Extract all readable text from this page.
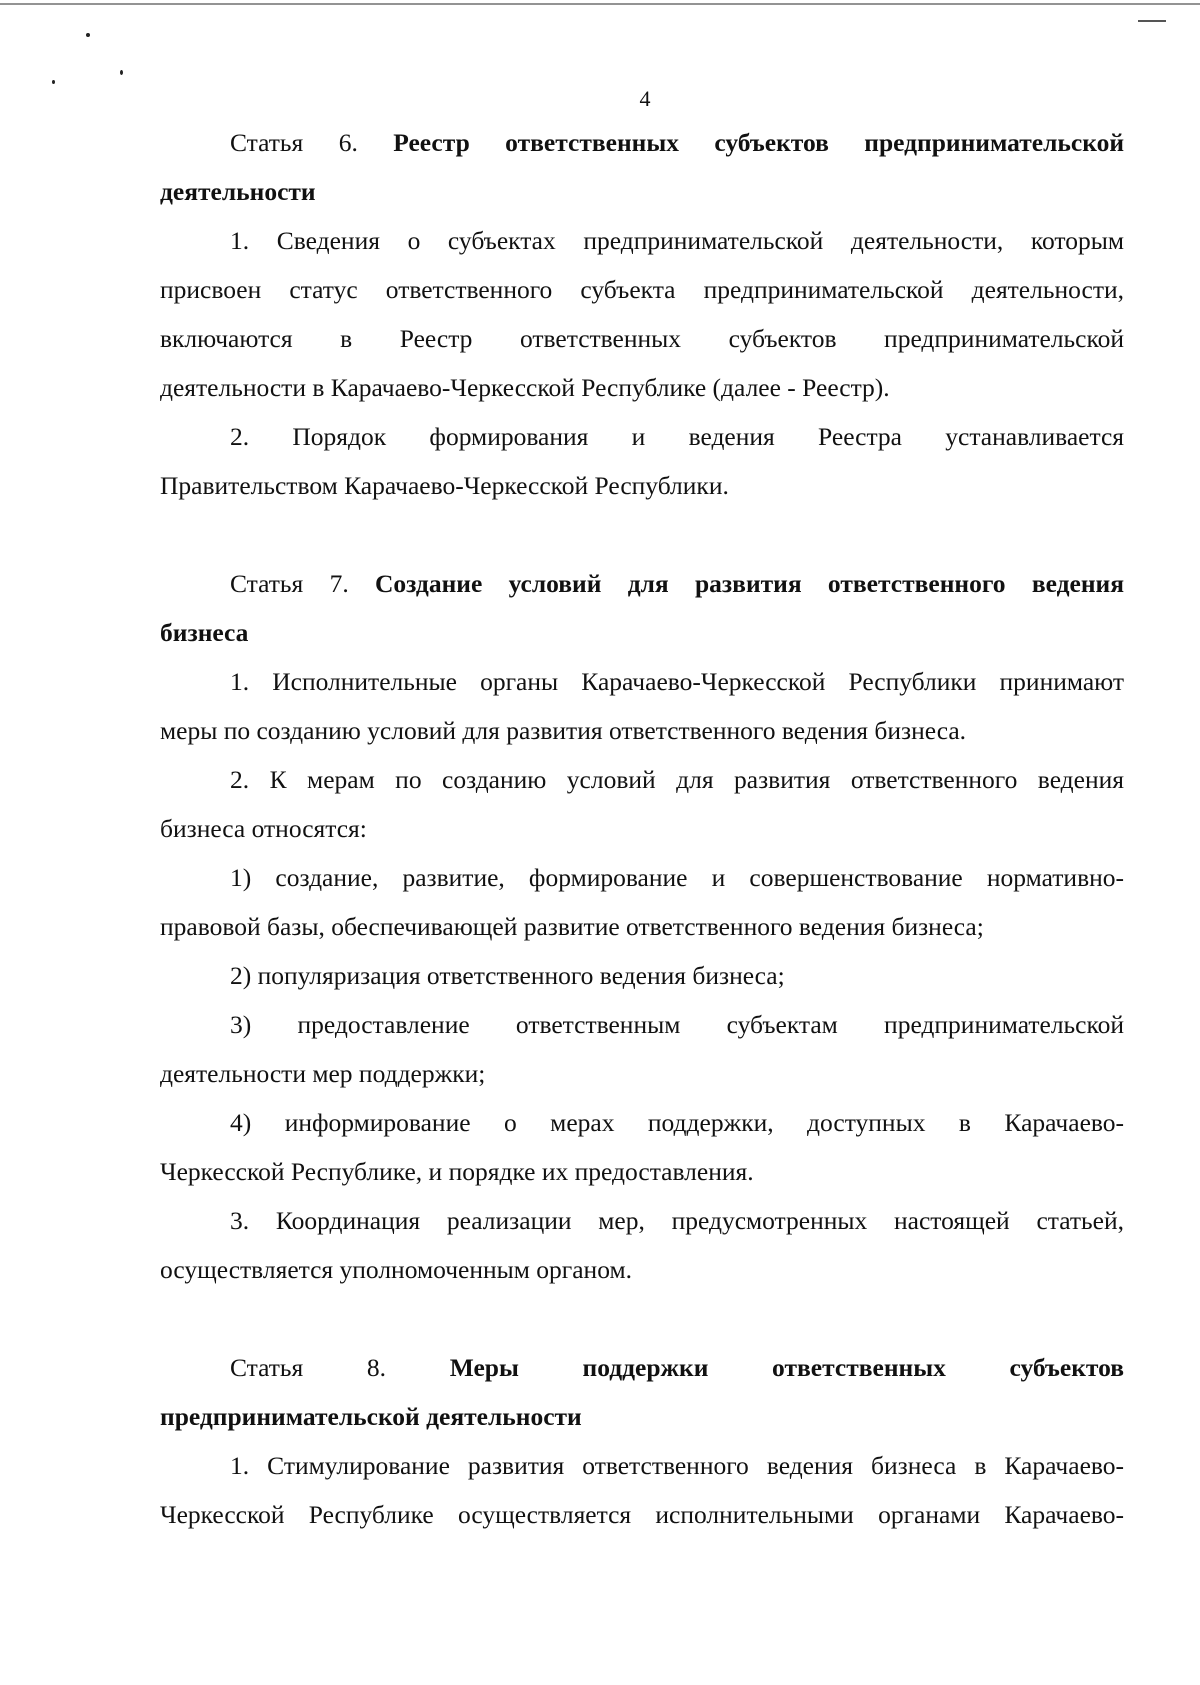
4
Статья 6. Реестр ответственных субъектов предпринимательской
деятельности
1. Сведения о субъектах предпринимательской деятельности, которым
присвоен статус ответственного субъекта предпринимательской деятельности,
включаются в Реестр ответственных субъектов предпринимательской
деятельности в Карачаево-Черкесской Республике (далее - Реестр).
2. Порядок формирования и ведения Реестра устанавливается
Правительством Карачаево-Черкесской Республики.
Статья 7. Создание условий для развития ответственного ведения
бизнеса
1. Исполнительные органы Карачаево-Черкесской Республики принимают
меры по созданию условий для развития ответственного ведения бизнеса.
2. К мерам по созданию условий для развития ответственного ведения
бизнеса относятся:
1) создание, развитие, формирование и совершенствование нормативно-
правовой базы, обеспечивающей развитие ответственного ведения бизнеса;
2) популяризация ответственного ведения бизнеса;
3) предоставление ответственным субъектам предпринимательской
деятельности мер поддержки;
4) информирование о мерах поддержки, доступных в Карачаево-
Черкесской Республике, и порядке их предоставления.
3. Координация реализации мер, предусмотренных настоящей статьей,
осуществляется уполномоченным органом.
Статья 8. Меры поддержки ответственных субъектов
предпринимательской деятельности
1. Стимулирование развития ответственного ведения бизнеса в Карачаево-
Черкесской Республике осуществляется исполнительными органами Карачаево-
